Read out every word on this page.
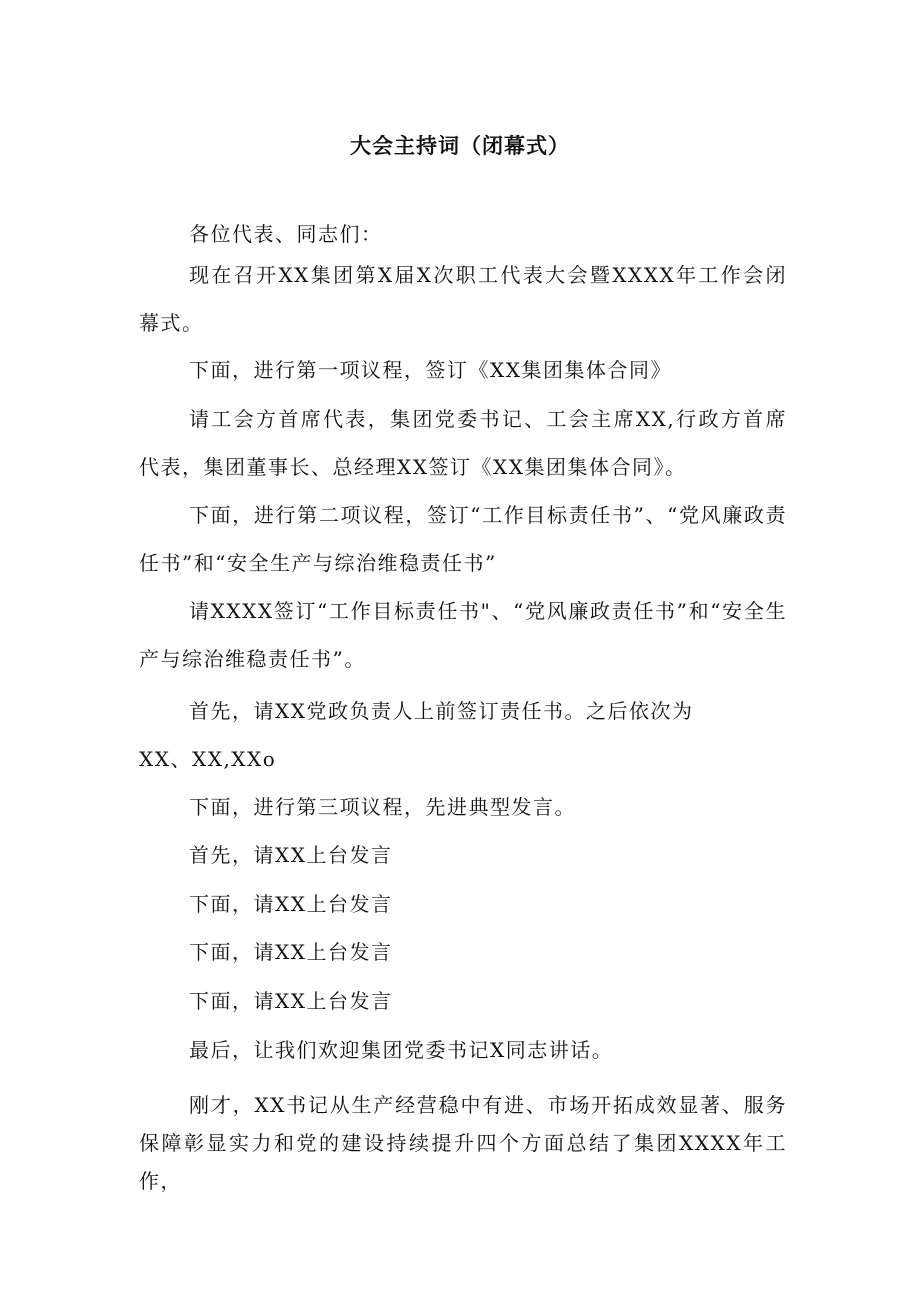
大会主持词（闭幕式）
各位代表、同志们：
现在召开XX集团第X届X次职工代表大会暨XXXX年工作会闭幕式。
下面，进行第一项议程，签订《XX集团集体合同》
请工会方首席代表，集团党委书记、工会主席XX,行政方首席代表，集团董事长、总经理XX签订《XX集团集体合同》。
下面，进行第二项议程，签订“工作目标责任书”、“党风廉政责任书”和“安全生产与综治维稳责任书”
请XXXX签订“工作目标责任书"、“党风廉政责任书”和“安全生产与综治维稳责任书”。
首先，请XX党政负责人上前签订责任书。之后依次为
XX、XX,XXo
下面，进行第三项议程，先进典型发言。
首先，请XX上台发言
下面，请XX上台发言
下面，请XX上台发言
下面，请XX上台发言
最后，让我们欢迎集团党委书记X同志讲话。
刚才，XX书记从生产经营稳中有进、市场开拓成效显著、服务保障彰显实力和党的建设持续提升四个方面总结了集团XXXX年工作，
